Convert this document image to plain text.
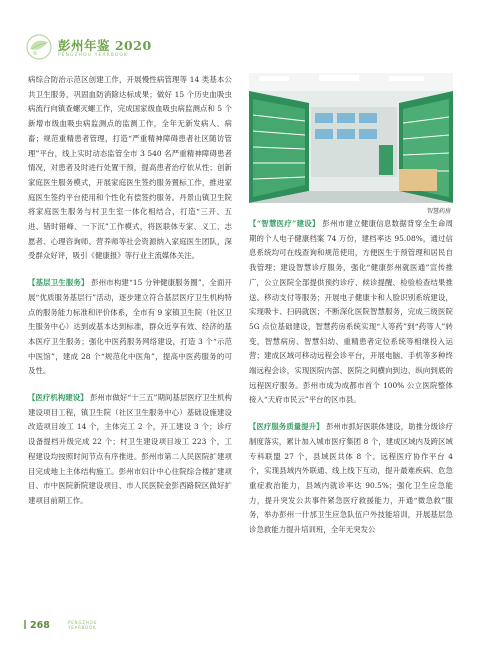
彭州年鉴 2020
PENGZHOU YEARBOOK

病综合防治示范区创建工作，开展慢性病管理等 14 类基本公共卫生服务，巩固血防消除达标成果；做好 15 个历史血吸虫病流行向镇查螺灭螺工作，完成国家级血吸虫病监测点和 5 个新增市级血吸虫病监测点的监测工作，全年无新发病人、病畜；规范重精患者管理，打造“严重精神障碍患者社区随访管理”平台，线上实时动态监管全市 3 540 名严重精神障碍患者情况，对患者及时进行处置干预，提高患者治疗依从性；创新家庭医生服务模式，开展家庭医生签约服务置标工作，推进家庭医生签约平台使用和个性化有偿签约服务。丹景山镇卫生院将家庭医生服务与村卫生室一体化相结合，打造“三开、五进、错时错峰、一下沉”工作模式，将医联体专家、义工、志愿者、心理咨询师、营养师等社会资源纳入家庭医生团队，深受群众好评，吸引《健康报》等行业主流媒体关注。

【基层卫生服务】 彭州市构建“15 分钟健康服务圈”，全面开展“优质服务基层行”活动，逐步建立符合基层医疗卫生机构特点的服务能力标准和评价体系，全市有 9 家镇卫生院（社区卫生服务中心）达到或基本达到标准，群众近享有效、经济的基本医疗卫生服务；强化中医药服务网络建设，打造 3 个“示范中医馆”，建成 28 个“规范化中医角”，提高中医药服务的可及性。

【医疗机构建设】 彭州市做好“十三五”期间基层医疗卫生机构建设项目工程，镇卫生院（社区卫生服务中心）基础设施建设改造项目竣工 14 个，主体完工 2 个，开工建设 3 个；诊疗设备提档升级完成 22 个；村卫生建设项目竣工 223 个，工程建设均按照时间节点有序推进。彭州市第二人民医院扩建项目完成地上主体结构施工。彭州市妇计中心住院综合楼扩建项目、市中医院新院建设项目、市人民医院金彭西路院区做好扩建项目前期工作。

智慧药房

【“智慧医疗”建设】 彭州市建立健康信息数据背穿全生命周期的个人电子健康档案 74 万份，建档率达 95.08%，通过信息系统均可在线查询和规范使用，方便医生于预管理和居民自我管理；建设智慧诊疗服务，强化“健康彭州就医通”宣传推广，公立医院全部提供预约诊疗、候诊提醒、检验检查结果推送、移动支付等服务；开展电子健康卡和人脸识别系统建设，实现吸卡、扫码就医；不断深化医院智慧服务，完成三级医院 5G 点位基础建设，智慧药房系统实现“人等药”到“药等人”转变，智慧病房、智慧妇幼、重精患者定位系统等相继投入运营；建成区域可移动远程会诊平台，开展电脑、手机等多种终端远程会诊，实现医院内部、医院之间横向到边、纵向到底的远程医疗服务。彭州市成为成都市首个 100% 公立医院整体接入“天府市民云”平台的区市县。

【医疗服务质量提升】 彭州市抓好医联体建设，助推分级诊疗制度落实，累计加入城市医疗集团 8 个，建成区域内及跨区域专科联盟 27 个，县域医共体 8 个。远程医疗协作平台 4 个，实现县域内外联通、线上线下互动，提升最难疾病、危急重症救治能力，县域内就诊率达 90.5%；强化卫生应急能力，提升突发公共事件紧急医疗救援能力，开通“微急救”服务，举办彭州一什邡卫生应急队伍户外技能培训，开展基层急诊急救能力提升培训班，全年无突发公

268	PENGZHOU
YEARBOOK
